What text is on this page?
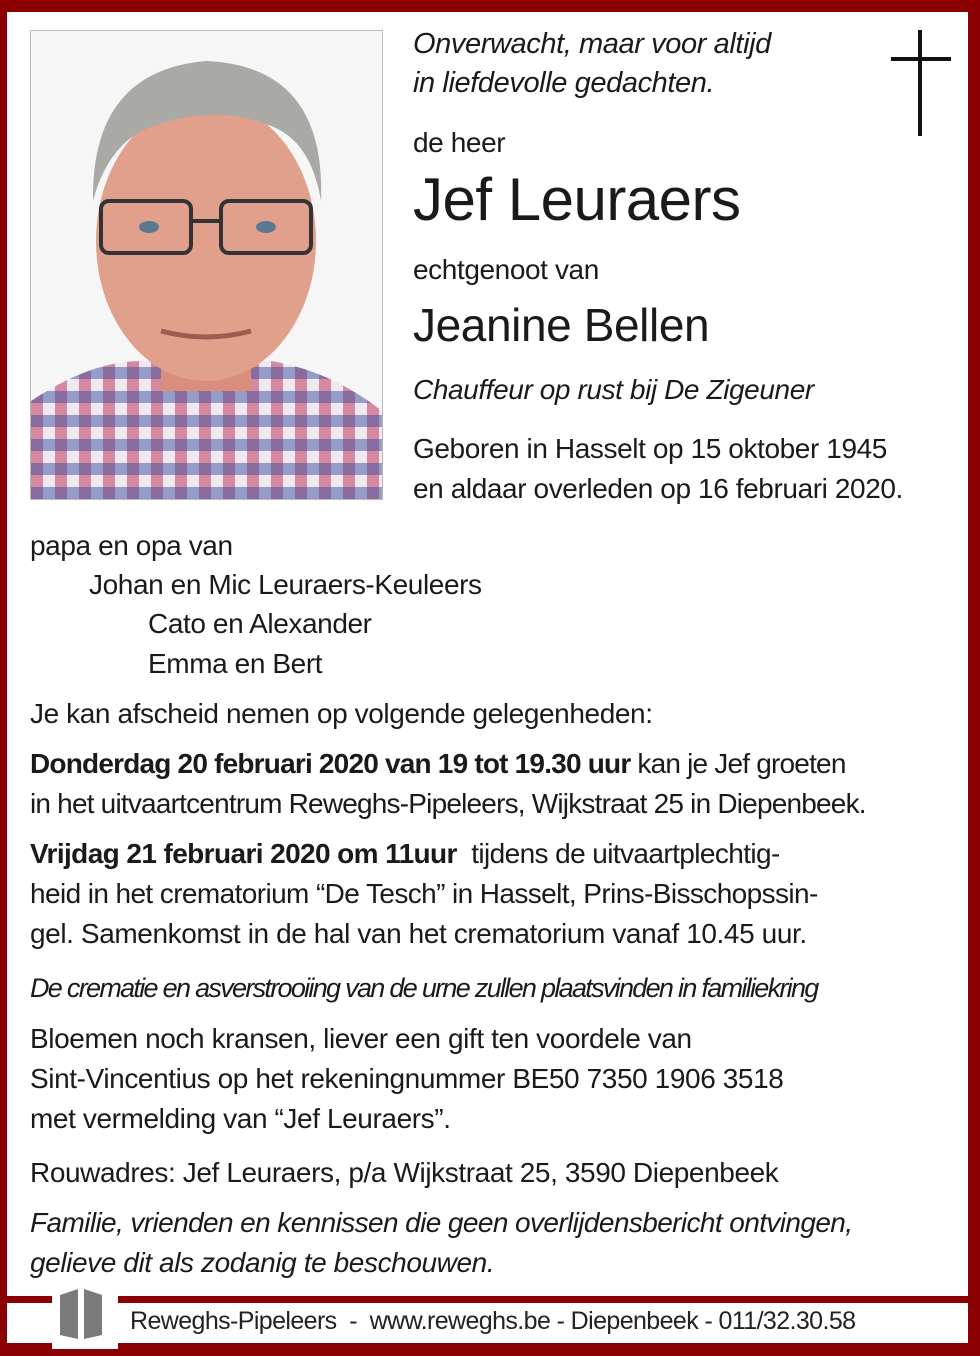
Onverwacht, maar voor altijd
in liefdevolle gedachten.
de heer
Jef Leuraers
echtgenoot van
Jeanine Bellen
Chauffeur op rust bij De Zigeuner
Geboren in Hasselt op 15 oktober 1945
en aldaar overleden op 16 februari 2020.
papa en opa van
Johan en Mic Leuraers-Keuleers
Cato en Alexander
Emma en Bert
Je kan afscheid nemen op volgende gelegenheden:
Donderdag 20 februari 2020 van 19 tot 19.30 uur kan je Jef groeten
in het uitvaartcentrum Reweghs-Pipeleers, Wijkstraat 25 in Diepenbeek.
Vrijdag 21 februari 2020 om 11uur  tijdens de uitvaartplechtig-
heid in het crematorium “De Tesch” in Hasselt, Prins-Bisschopssin-
gel. Samenkomst in de hal van het crematorium vanaf 10.45 uur.
De crematie en asverstrooiing van de urne zullen plaatsvinden in familiekring
Bloemen noch kransen, liever een gift ten voordele van
Sint-Vincentius op het rekeningnummer BE50 7350 1906 3518
met vermelding van “Jef Leuraers”.
Rouwadres: Jef Leuraers, p/a Wijkstraat 25, 3590 Diepenbeek
Familie, vrienden en kennissen die geen overlijdensbericht ontvingen,
gelieve dit als zodanig te beschouwen.
Reweghs-Pipeleers  -  www.reweghs.be - Diepenbeek - 011/32.30.58
